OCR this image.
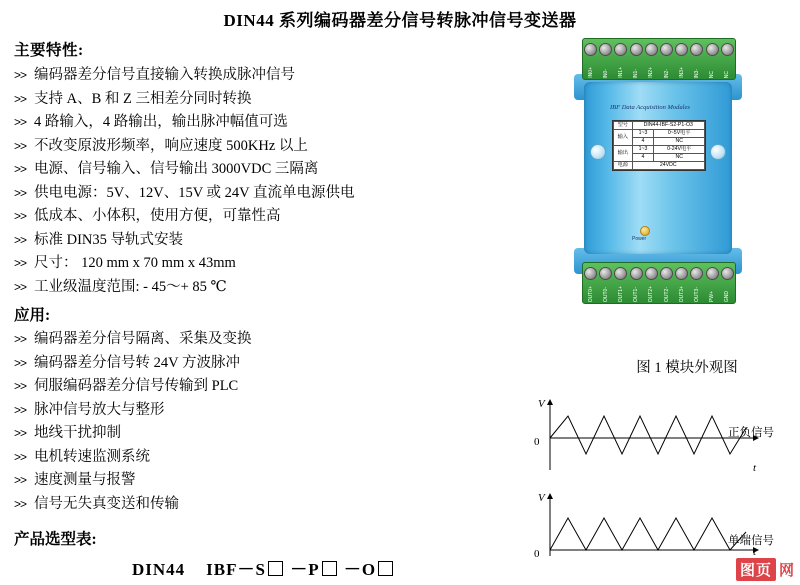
DIN44 系列编码器差分信号转脉冲信号变送器
主要特性:
>> 编码器差分信号直接输入转换成脉冲信号
>> 支持 A、B 和 Z 三相差分同时转换
>> 4 路输入，4 路输出，输出脉冲幅值可选
>> 不改变原波形频率，响应速度 500KHz 以上
>> 电源、信号输入、信号输出 3000VDC 三隔离
>> 供电电源：5V、12V、15V 或 24V 直流单电源供电
>> 低成本、小体积，使用方便，可靠性高
>> 标准 DIN35 导轨式安装
>> 尺寸： 120 mm x 70 mm x 43mm
>> 工业级温度范围: - 45～+ 85 ℃
应用:
>> 编码器差分信号隔离、采集及变换
>> 编码器差分信号转 24V 方波脉冲
>> 伺服编码器差分信号传输到 PLC
>> 脉冲信号放大与整形
>> 地线干扰抑制
>> 电机转速监测系统
>> 速度测量与报警
>> 信号无失真变送和传输
产品选型表:
DIN44 IBF－S －P －O
IN0+ IN0- IN1+ IN1- IN2+ IN2- IN3+ IN3- NC NC
OUT0+ OUT0- OUT1+ OUT1- OUT2+ OUT2- OUT3+ OUT3- PW+ GND
IBF Data Acquisition Modules
型号	DIN44-IBF-S2-P1-O3	
输入	1~3	0~5V电平
	4	NC
输出	1~3	0-24V电平
	4	NC
电源	24VDC	
Power
图 1 模块外观图
V
t
0
正负信号
V
t
0
单端信号
图页 网
